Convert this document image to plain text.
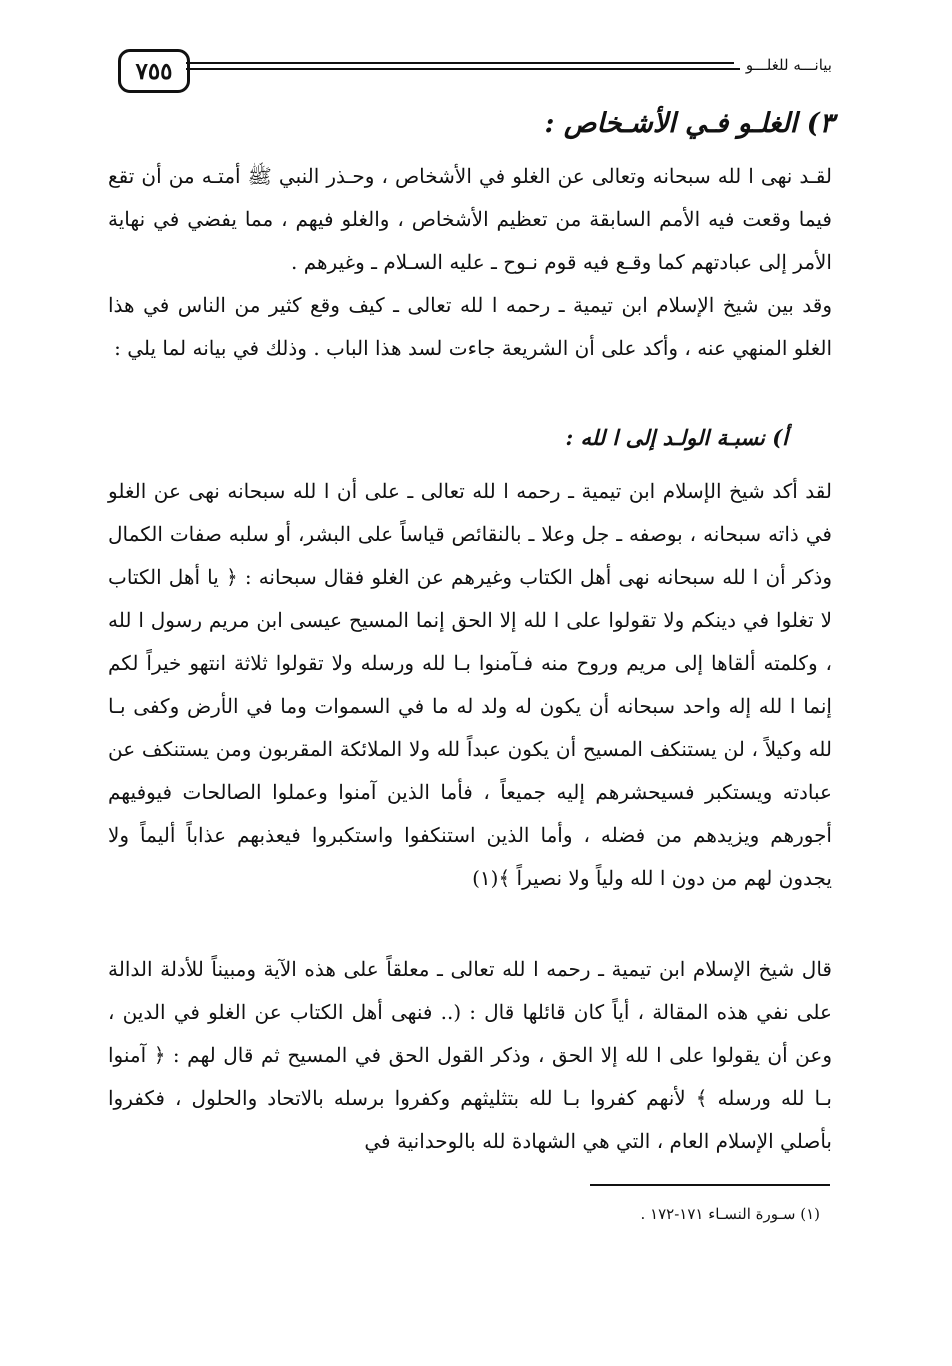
٧٥٥	بيانـــه للغلـــو
٣) الغلـو فـي الأشـخاص :
لقـد نهى ا لله سبحانه وتعالى عن الغلو في الأشخاص ، وحـذر النبي ﷺ أمتـه من أن تقع فيما وقعت فيه الأمم السابقة من تعظيم الأشخاص ، والغلو فيهم ، مما يفضي في نهاية الأمر إلى عبادتهم كما وقـع فيه قوم نـوح ـ عليه السـلام ـ وغيرهم .
وقد بين شيخ الإسلام ابن تيمية ـ رحمه ا لله تعالى ـ كيف وقع كثير من الناس في هذا الغلو المنهي عنه ، وأكد على أن الشريعة جاءت لسد هذا الباب . وذلك في بيانه لما يلي :
أ) نسبـة الولـد إلى ا لله :
لقد أكد شيخ الإسلام ابن تيمية ـ رحمه ا لله تعالى ـ على أن ا لله سبحانه نهى عن الغلو في ذاته سبحانه ، بوصفه ـ جل وعلا ـ بالنقائص قياساً على البشر، أو سلبه صفات الكمال وذكر أن ا لله سبحانه نهى أهل الكتاب وغيرهم عن الغلو فقال سبحانه : ﴿ يا أهل الكتاب لا تغلوا في دينكم ولا تقولوا على ا لله إلا الحق إنما المسيح عيسى ابن مريم رسول ا لله ، وكلمته ألقاها إلى مريم وروح منه فـآمنوا بـا لله ورسله ولا تقولوا ثلاثة انتهو خيراً لكم إنما ا لله إله واحد سبحانه أن يكون له ولد له ما في السموات وما في الأرض وكفى بـا لله وكيلاً ، لن يستنكف المسيح أن يكون عبداً لله ولا الملائكة المقربون ومن يستنكف عن عبادته ويستكبر فسيحشرهم إليه جميعاً ، فأما الذين آمنوا وعملوا الصالحات فيوفيهم أجورهم ويزيدهم من فضله ، وأما الذين استنكفوا واستكبروا فيعذبهم عذاباً أليماً ولا يجدون لهم من دون ا لله ولياً ولا نصيراً ﴾(١)
قال شيخ الإسلام ابن تيمية ـ رحمه ا لله تعالى ـ معلقاً على هذه الآية ومبيناً للأدلة الدالة على نفي هذه المقالة ، أياً كان قائلها قال : (.. فنهى أهل الكتاب عن الغلو في الدين ، وعن أن يقولوا على ا لله إلا الحق ، وذكر القول الحق في المسيح ثم قال لهم : ﴿ آمنوا بـا لله ورسله ﴾ لأنهم كفروا بـا لله بتثليثهم وكفروا برسله بالاتحاد والحلول ، فكفروا بأصلي الإسلام العام ، التي هي الشهادة لله بالوحدانية في
(١) سـورة النسـاء ١٧١-١٧٢ .
